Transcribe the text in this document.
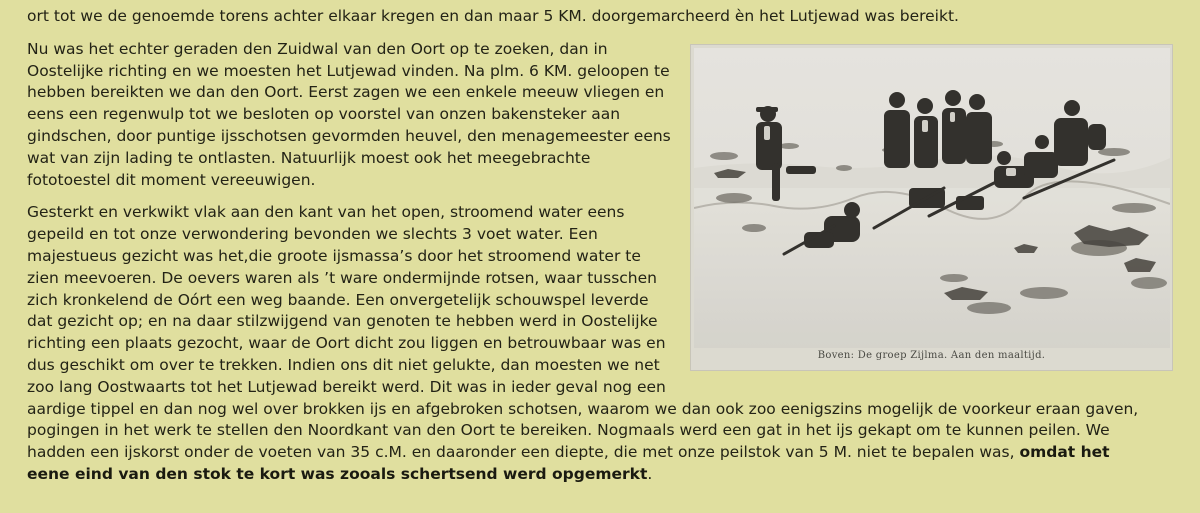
ort tot we de genoemde torens achter elkaar kregen en dan maar 5 KM. doorgemarcheerd èn het Lutjewad was bereikt.

Boven: De groep Zijlma. Aan den maaltijd.

Nu was het echter geraden den Zuidwal van den Oort op te zoeken, dan in Oostelijke richting en we moesten het Lutjewad vinden. Na plm. 6 KM. geloopen te hebben bereikten we dan den Oort. Eerst zagen we een enkele meeuw vliegen en eens een regenwulp tot we besloten op voorstel van onzen bakensteker aan gindschen, door puntige ijsschotsen gevormden heuvel, den menagemeester eens wat van zijn lading te ontlasten. Natuurlijk moest ook het meegebrachte fototoestel dit moment vereeuwigen.

Gesterkt en verkwikt vlak aan den kant van het open, stroomend water eens gepeild en tot onze verwondering bevonden we slechts 3 voet water. Een majestueus gezicht was het,die groote ijsmassa’s door het stroomend water te zien meevoeren. De oevers waren als ’t ware ondermijnde rotsen, waar tusschen zich kronkelend de Oórt een weg baande. Een onvergetelijk schouwspel leverde dat gezicht op; en na daar stilzwijgend van genoten te hebben werd in Oostelijke richting een plaats gezocht, waar de Oort dicht zou liggen en betrouwbaar was en dus geschikt om over te trekken. Indien ons dit niet gelukte, dan moesten we net zoo lang Oostwaarts tot het Lutjewad bereikt werd. Dit was in ieder geval nog een aardige tippel en dan nog wel over brokken ijs en afgebroken schotsen, waarom we dan ook zoo eenigszins mogelijk de voorkeur eraan gaven, pogingen in het werk te stellen den Noordkant van den Oort te bereiken. Nogmaals werd een gat in het ijs gekapt om te kunnen peilen. We hadden een ijskorst onder de voeten van 35 c.M. en daaronder een diepte, die met onze peilstok van 5 M. niet te bepalen was, omdat het eene eind van den stok te kort was zooals schertsend werd opgemerkt.
